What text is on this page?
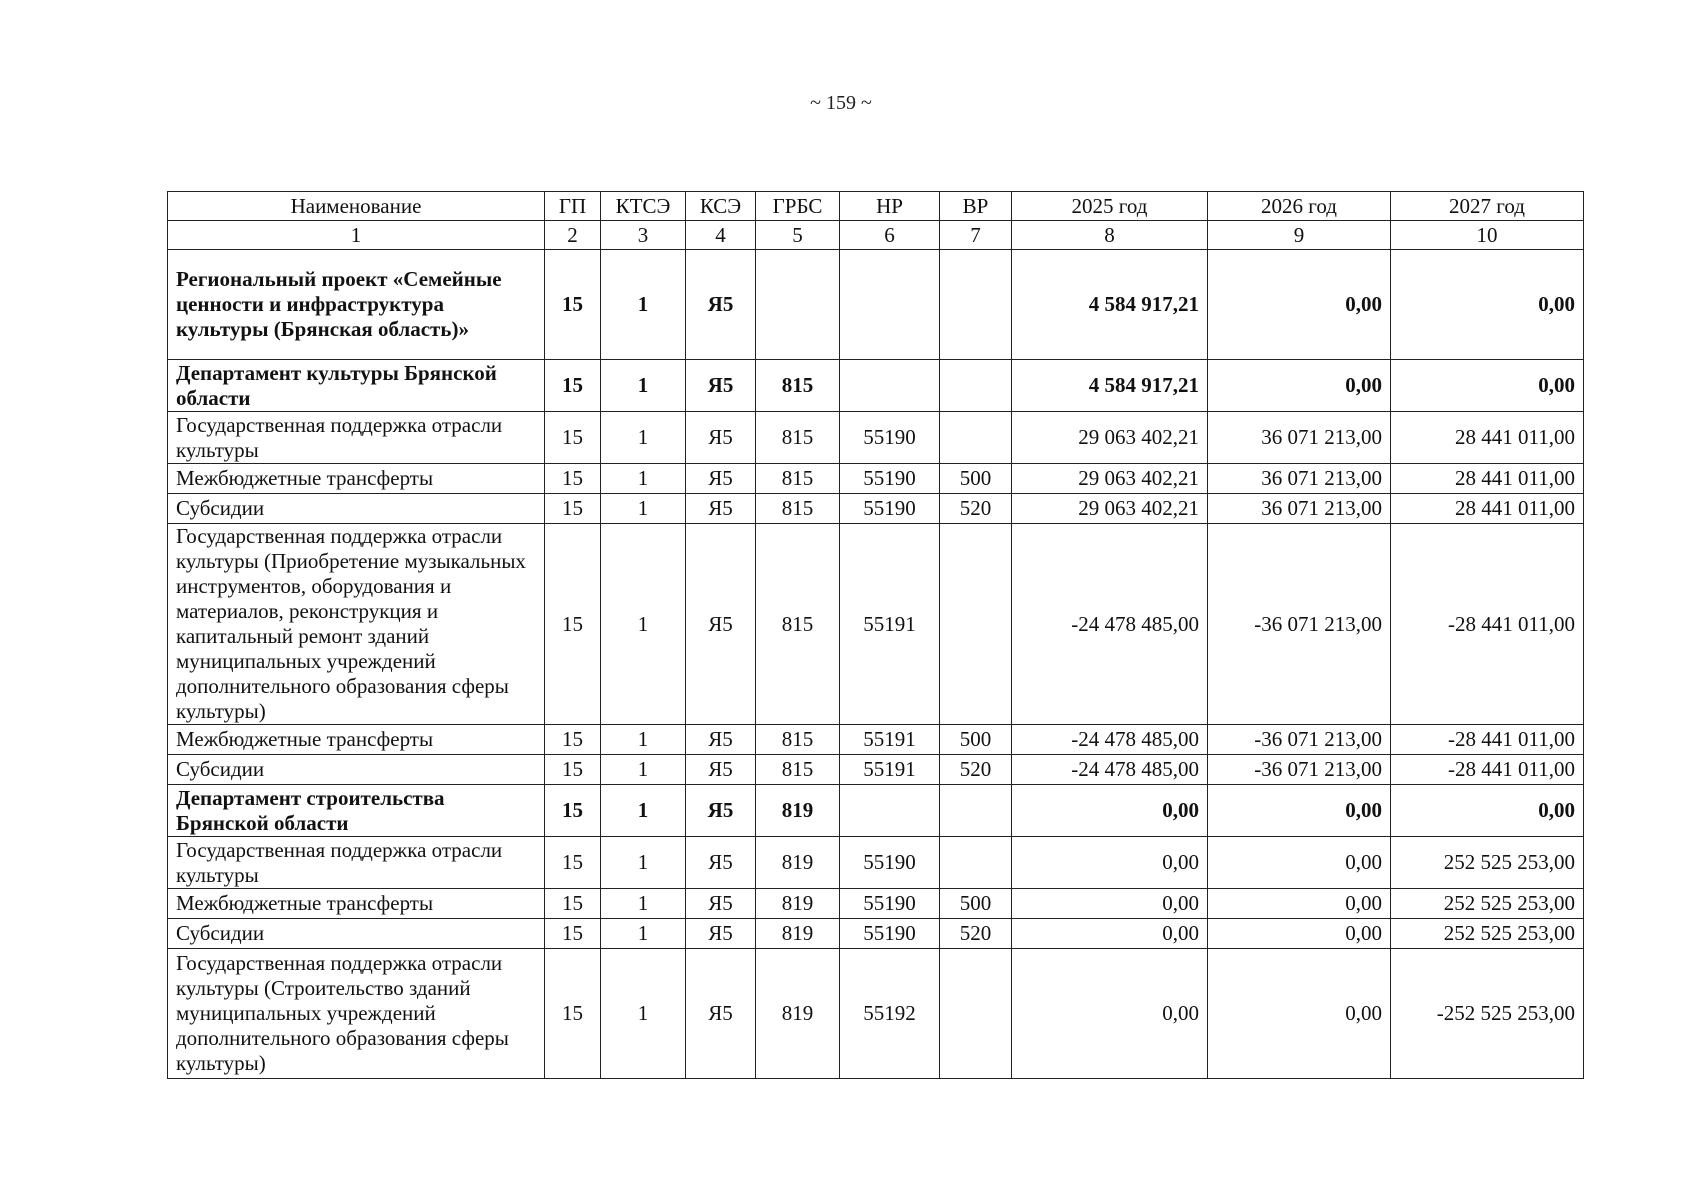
~ 159 ~
Наименование	ГП	КТСЭ	КСЭ	ГРБС	НР	ВР	2025 год	2026 год	2027 год
1	2	3	4	5	6	7	8	9	10
Региональный проект «Семейные ценности и инфраструктура культуры (Брянская область)»	15	1	Я5				4 584 917,21	0,00	0,00
Департамент культуры Брянской области	15	1	Я5	815			4 584 917,21	0,00	0,00
Государственная поддержка отрасли культуры	15	1	Я5	815	55190		29 063 402,21	36 071 213,00	28 441 011,00
Межбюджетные трансферты	15	1	Я5	815	55190	500	29 063 402,21	36 071 213,00	28 441 011,00
Субсидии	15	1	Я5	815	55190	520	29 063 402,21	36 071 213,00	28 441 011,00
Государственная поддержка отрасли культуры (Приобретение музыкальных инструментов, оборудования и материалов, реконструкция и капитальный ремонт зданий муниципальных учреждений дополнительного образования сферы культуры)	15	1	Я5	815	55191		-24 478 485,00	-36 071 213,00	-28 441 011,00
Межбюджетные трансферты	15	1	Я5	815	55191	500	-24 478 485,00	-36 071 213,00	-28 441 011,00
Субсидии	15	1	Я5	815	55191	520	-24 478 485,00	-36 071 213,00	-28 441 011,00
Департамент строительства Брянской области	15	1	Я5	819			0,00	0,00	0,00
Государственная поддержка отрасли культуры	15	1	Я5	819	55190		0,00	0,00	252 525 253,00
Межбюджетные трансферты	15	1	Я5	819	55190	500	0,00	0,00	252 525 253,00
Субсидии	15	1	Я5	819	55190	520	0,00	0,00	252 525 253,00
Государственная поддержка отрасли культуры (Строительство зданий муниципальных учреждений дополнительного образования сферы культуры)	15	1	Я5	819	55192		0,00	0,00	-252 525 253,00
